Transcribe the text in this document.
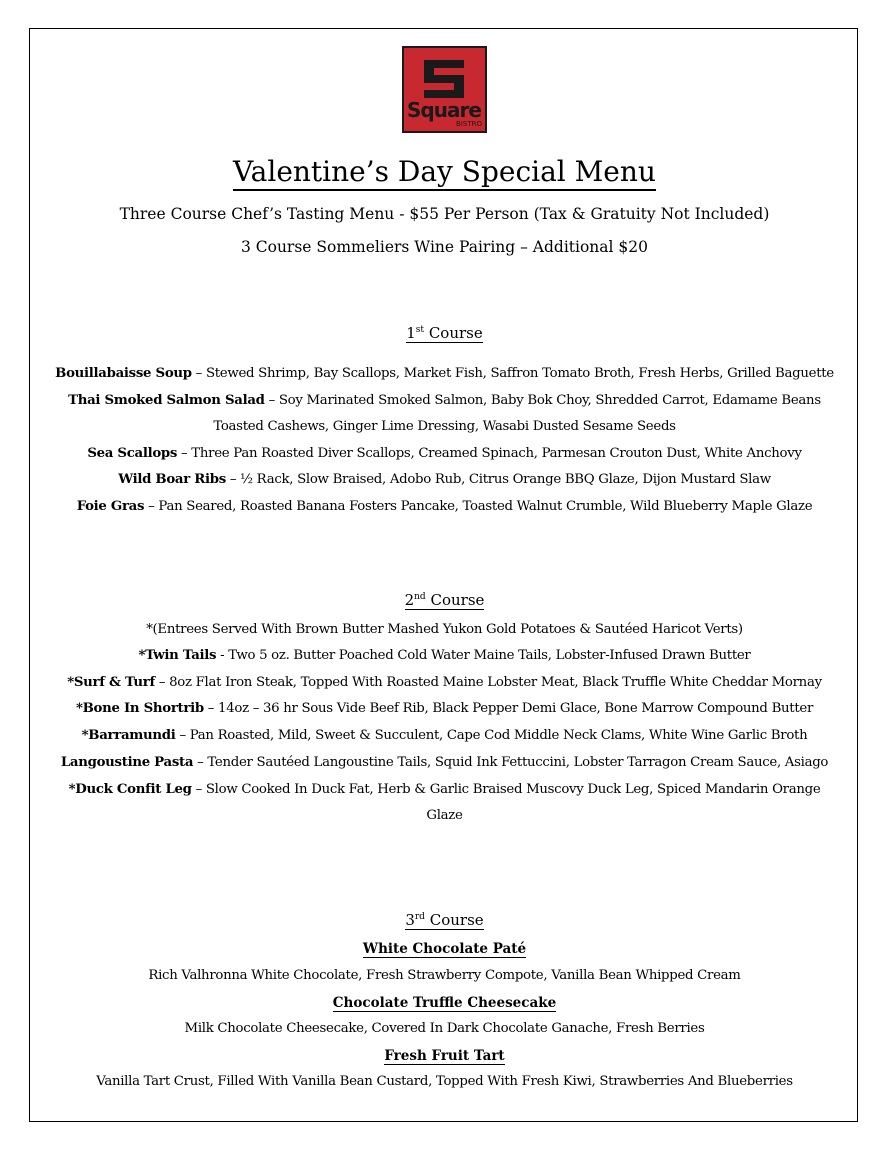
Square
BISTRO
Valentine’s Day Special Menu
Three Course Chef’s Tasting Menu - $55 Per Person (Tax & Gratuity Not Included)
3 Course Sommeliers Wine Pairing – Additional $20
1st Course
Bouillabaisse Soup – Stewed Shrimp, Bay Scallops, Market Fish, Saffron Tomato Broth, Fresh Herbs, Grilled Baguette
Thai Smoked Salmon Salad – Soy Marinated Smoked Salmon, Baby Bok Choy, Shredded Carrot, Edamame Beans
Toasted Cashews, Ginger Lime Dressing, Wasabi Dusted Sesame Seeds
Sea Scallops – Three Pan Roasted Diver Scallops, Creamed Spinach, Parmesan Crouton Dust, White Anchovy
Wild Boar Ribs – ½ Rack, Slow Braised, Adobo Rub, Citrus Orange BBQ Glaze, Dijon Mustard Slaw
Foie Gras – Pan Seared, Roasted Banana Fosters Pancake, Toasted Walnut Crumble, Wild Blueberry Maple Glaze
2nd Course
*(Entrees Served With Brown Butter Mashed Yukon Gold Potatoes & Sautéed Haricot Verts)
*Twin Tails - Two 5 oz. Butter Poached Cold Water Maine Tails, Lobster-Infused Drawn Butter
*Surf & Turf – 8oz Flat Iron Steak, Topped With Roasted Maine Lobster Meat, Black Truffle White Cheddar Mornay
*Bone In Shortrib – 14oz – 36 hr Sous Vide Beef Rib, Black Pepper Demi Glace, Bone Marrow Compound Butter
*Barramundi – Pan Roasted, Mild, Sweet & Succulent, Cape Cod Middle Neck Clams, White Wine Garlic Broth
Langoustine Pasta – Tender Sautéed Langoustine Tails, Squid Ink Fettuccini, Lobster Tarragon Cream Sauce, Asiago
*Duck Confit Leg – Slow Cooked In Duck Fat, Herb & Garlic Braised Muscovy Duck Leg, Spiced Mandarin Orange
Glaze
3rd Course
White Chocolate Paté
Rich Valhronna White Chocolate, Fresh Strawberry Compote, Vanilla Bean Whipped Cream
Chocolate Truffle Cheesecake
Milk Chocolate Cheesecake, Covered In Dark Chocolate Ganache, Fresh Berries
Fresh Fruit Tart
Vanilla Tart Crust, Filled With Vanilla Bean Custard, Topped With Fresh Kiwi, Strawberries And Blueberries
